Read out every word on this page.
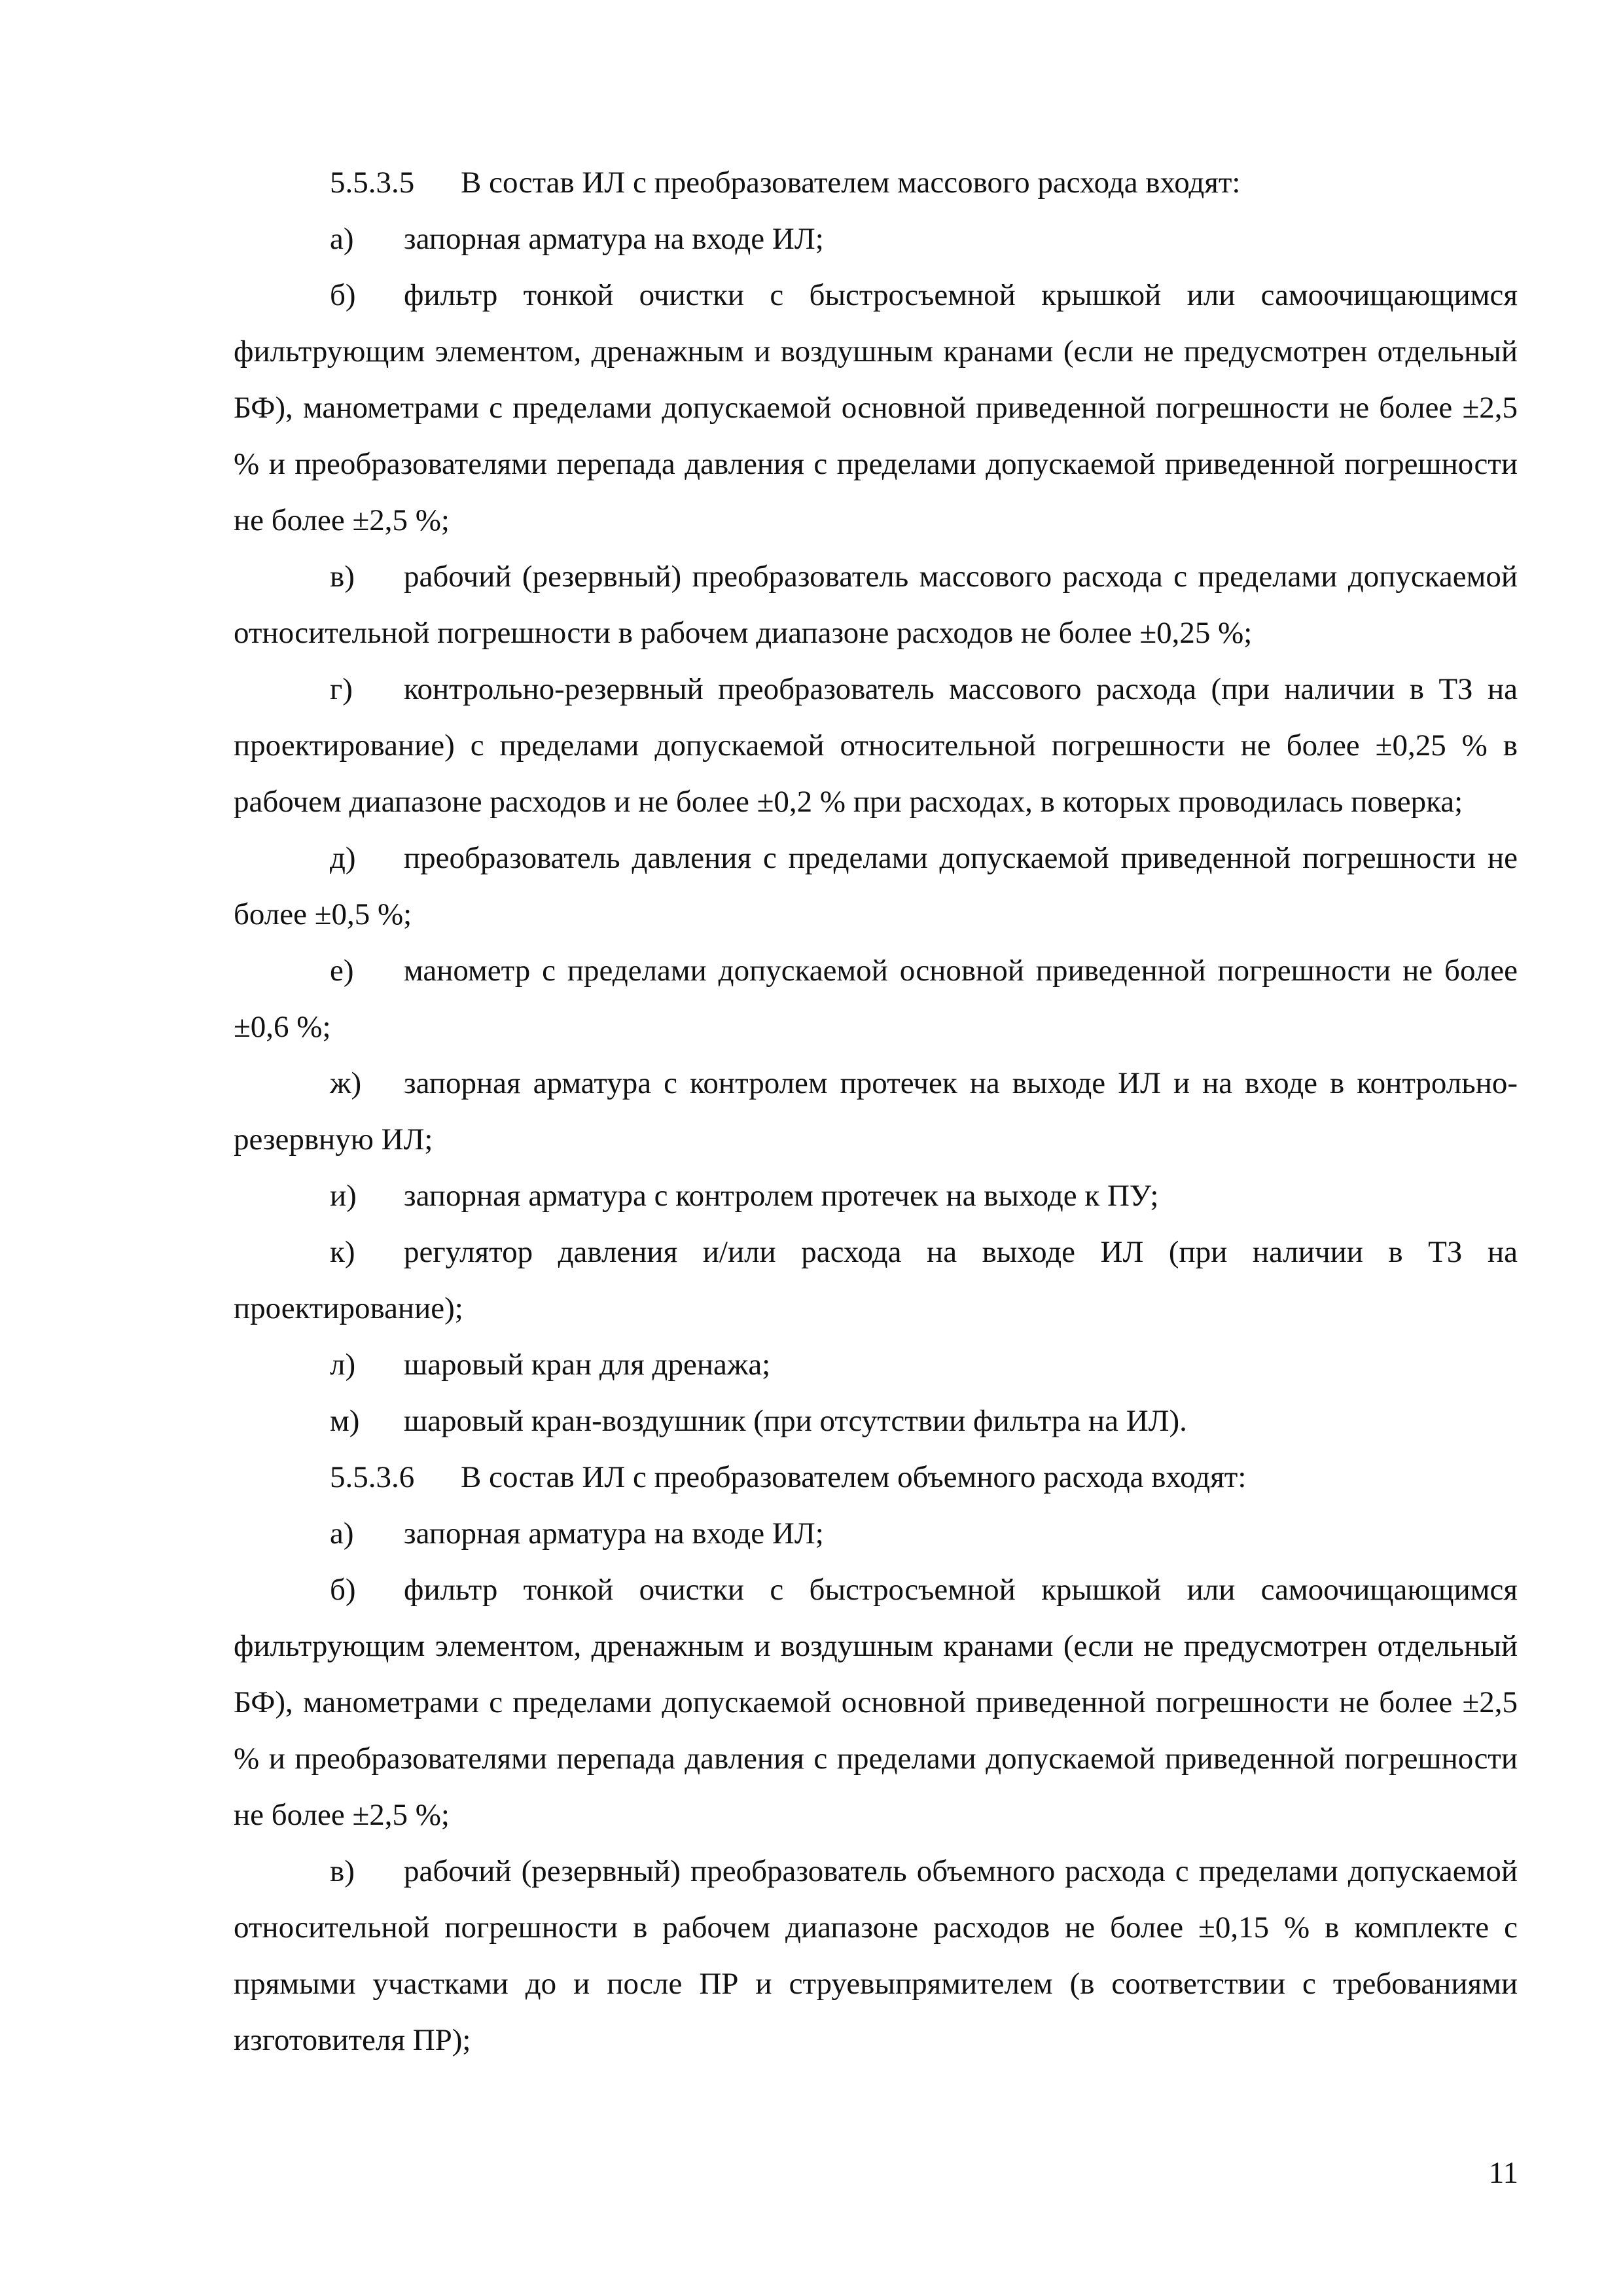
5.5.3.5 В состав ИЛ с преобразователем массового расхода входят:

а) запорная арматура на входе ИЛ;

б) фильтр тонкой очистки с быстросъемной крышкой или самоочищающимся фильтрующим элементом, дренажным и воздушным кранами (если не предусмотрен отдельный БФ), манометрами с пределами допускаемой основной приведенной погрешности не более ±2,5 % и преобразователями перепада давления с пределами допускаемой приведенной погрешности не более ±2,5 %;

в) рабочий (резервный) преобразователь массового расхода с пределами допускаемой относительной погрешности в рабочем диапазоне расходов не более ±0,25 %;

г) контрольно-резервный преобразователь массового расхода (при наличии в ТЗ на проектирование) с пределами допускаемой относительной погрешности не более ±0,25 % в рабочем диапазоне расходов и не более ±0,2 % при расходах, в которых проводилась поверка;

д) преобразователь давления с пределами допускаемой приведенной погрешности не более ±0,5 %;

е) манометр с пределами допускаемой основной приведенной погрешности не более ±0,6 %;

ж) запорная арматура с контролем протечек на выходе ИЛ и на входе в контрольно-резервную ИЛ;

и) запорная арматура с контролем протечек на выходе к ПУ;

к) регулятор давления и/или расхода на выходе ИЛ (при наличии в ТЗ на проектирование);

л) шаровый кран для дренажа;

м) шаровый кран-воздушник (при отсутствии фильтра на ИЛ).

5.5.3.6 В состав ИЛ с преобразователем объемного расхода входят:

а) запорная арматура на входе ИЛ;

б) фильтр тонкой очистки с быстросъемной крышкой или самоочищающимся фильтрующим элементом, дренажным и воздушным кранами (если не предусмотрен отдельный БФ), манометрами с пределами допускаемой основной приведенной погрешности не более ±2,5 % и преобразователями перепада давления с пределами допускаемой приведенной погрешности не более ±2,5 %;

в) рабочий (резервный) преобразователь объемного расхода с пределами допускаемой относительной погрешности в рабочем диапазоне расходов не более ±0,15 % в комплекте с прямыми участками до и после ПР и струевыпрямителем (в соответствии с требованиями изготовителя ПР);

11
